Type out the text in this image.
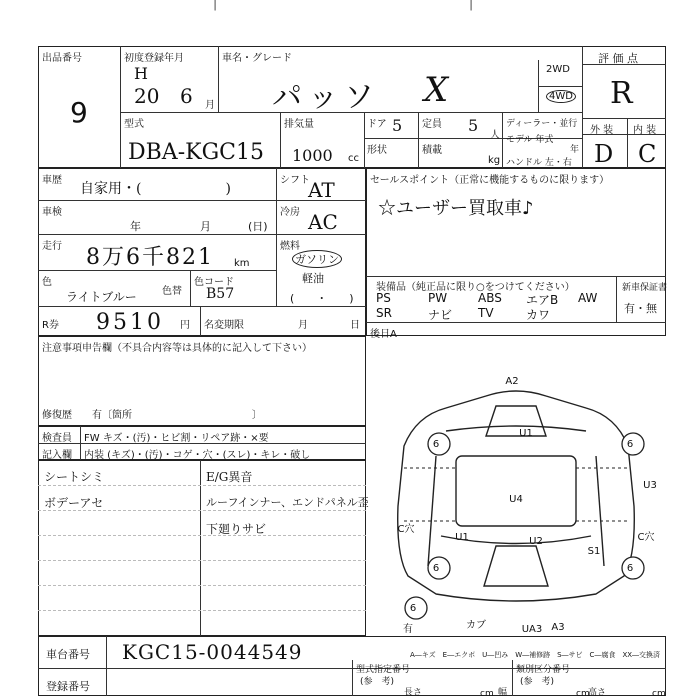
│	│
出品番号
9
初度登録年月
H
20 6 月
車名・グレード
パッソ X
2WD
4WD
評 価 点
R
外 装 内 装
D C
型式
DBA-KGC15
排気量
1000 cc
ドア 5 定員 5
人
形状	積載
kg
ディーラー・並行
モデル 年式
年
ハンドル 左・右
車歴
自家用・(　　　　　　)
シフト
AT
車検
年	月	(日)
冷房 AC
走行 8万6千821 km
燃料
ガソリン
軽油
(　　・　　)
色
ライトブルー	色替
色コード
B57
R券 9510 円 名変期限	月	日
セールスポイント（正常に機能するものに限ります）
☆ユーザー買取車♪
装備品（純正品に限り○をつけてください）	新車保証書
有・無
PS	PW	ABS エアB AW
SR	ナビ TV	カワ
後日A
注意事項申告欄（不具合内容等は具体的に記入して下さい）
修復歴　　有〔箇所　　　　　　　　　　　　〕
検査員 FW キズ・(汚)・ヒビ割・リペア跡・×要
記入欄 内装 (キズ)・(汚)・コゲ・穴・(スレ)・キレ・破し
シートシミ
ボデーアセ
E/G異音
ルーフインナー、エンドパネル歪
下廻りサビ
A2
U1
6	6
6	6
6
U4
U3
U1	U2
S1
有	A3
カブ	UA3
C穴
C穴
A―キズ　E―エクボ　U―凹み　W―補修跡　S―サビ　C―腐食　XX―交換済
車台番号 KGC15-0044549
登録番号
型式指定番号
(参　考)
類別区分番号
(参　考)
長さ	cm 幅	cm
高さ	cm
